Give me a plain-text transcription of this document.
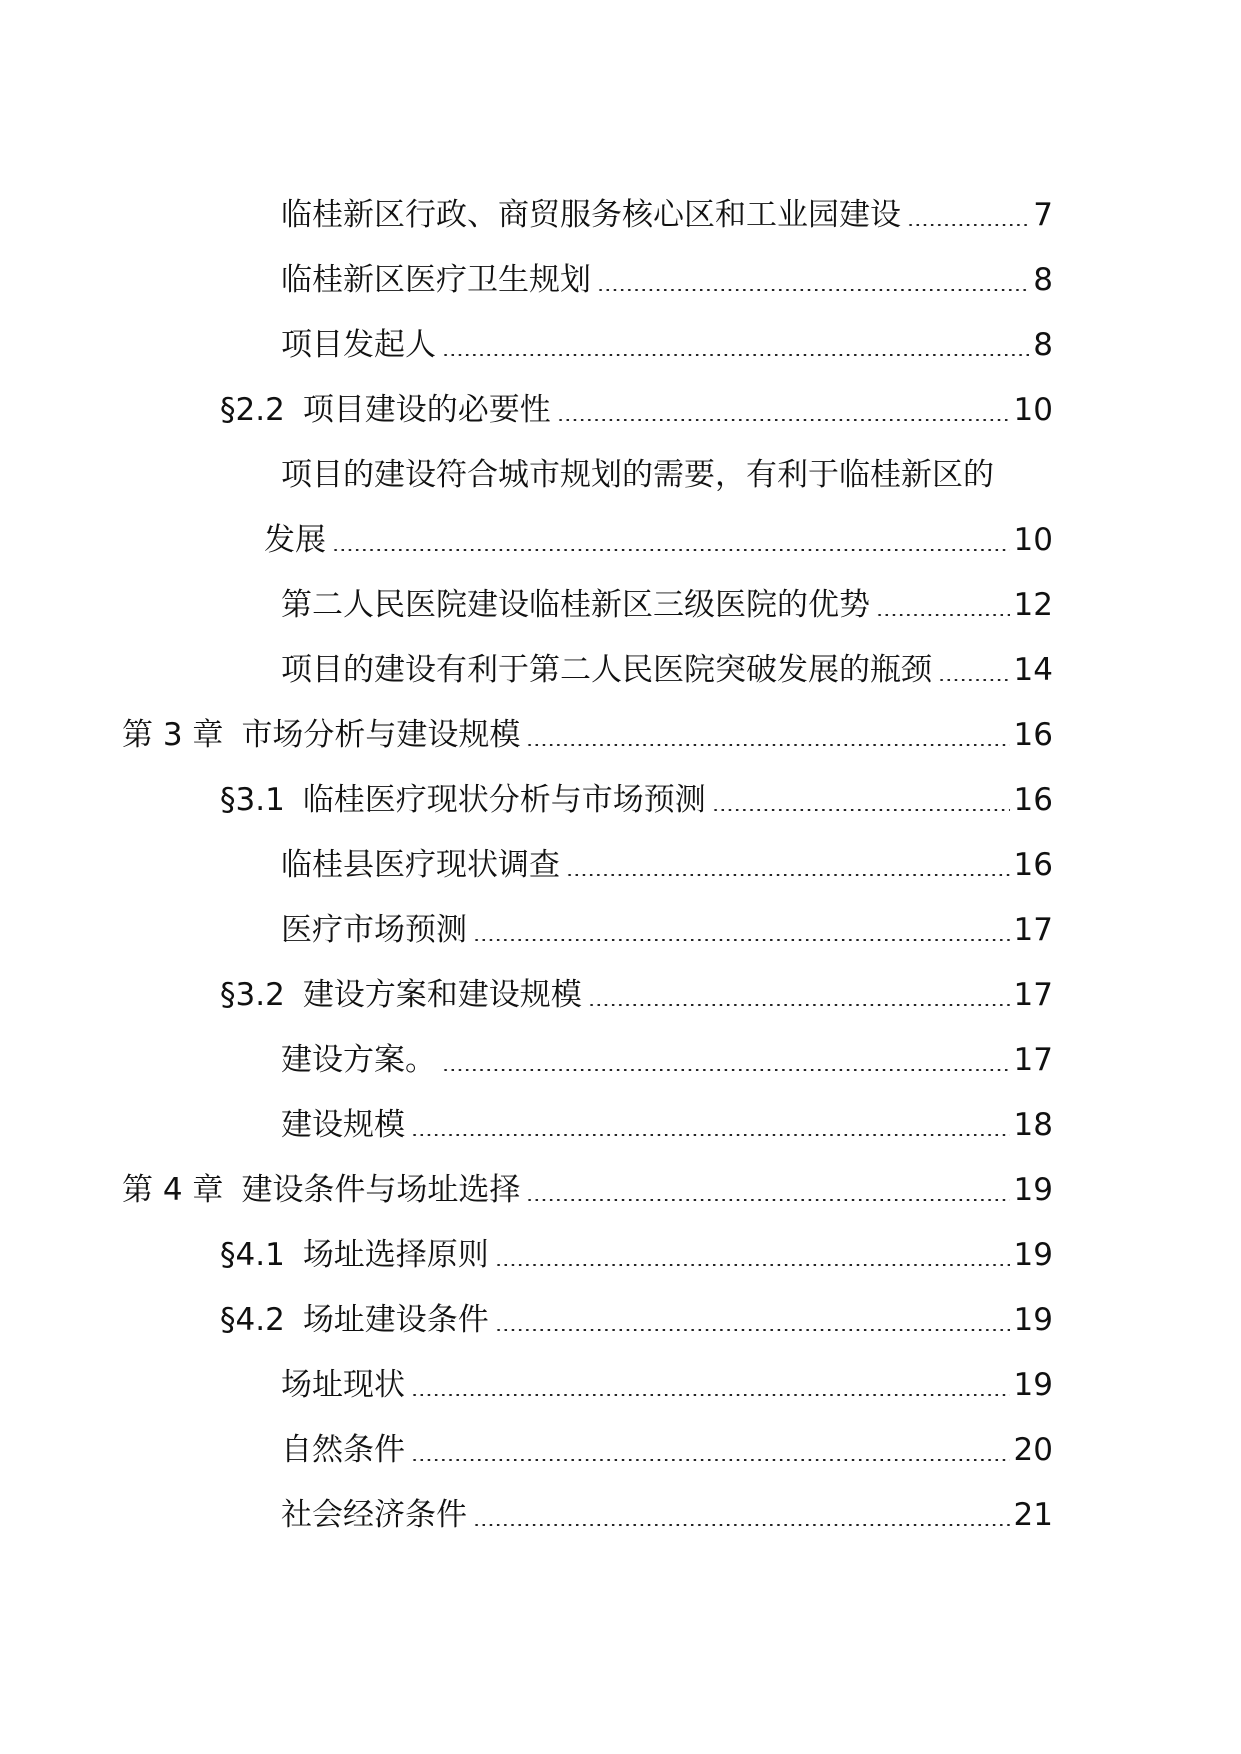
临桂新区行政、商贸服务核心区和工业园建设	7
临桂新区医疗卫生规划	8
项目发起人	8
§2.2 项目建设的必要性	10
项目的建设符合城市规划的需要，有利于临桂新区的
发展	10
第二人民医院建设临桂新区三级医院的优势	12
项目的建设有利于第二人民医院突破发展的瓶颈	14
第 3 章 市场分析与建设规模	16
§3.1 临桂医疗现状分析与市场预测	16
临桂县医疗现状调查	16
医疗市场预测	17
§3.2 建设方案和建设规模	17
建设方案。	17
建设规模	18
第 4 章 建设条件与场址选择	19
§4.1 场址选择原则	19
§4.2 场址建设条件	19
场址现状	19
自然条件	20
社会经济条件	21
